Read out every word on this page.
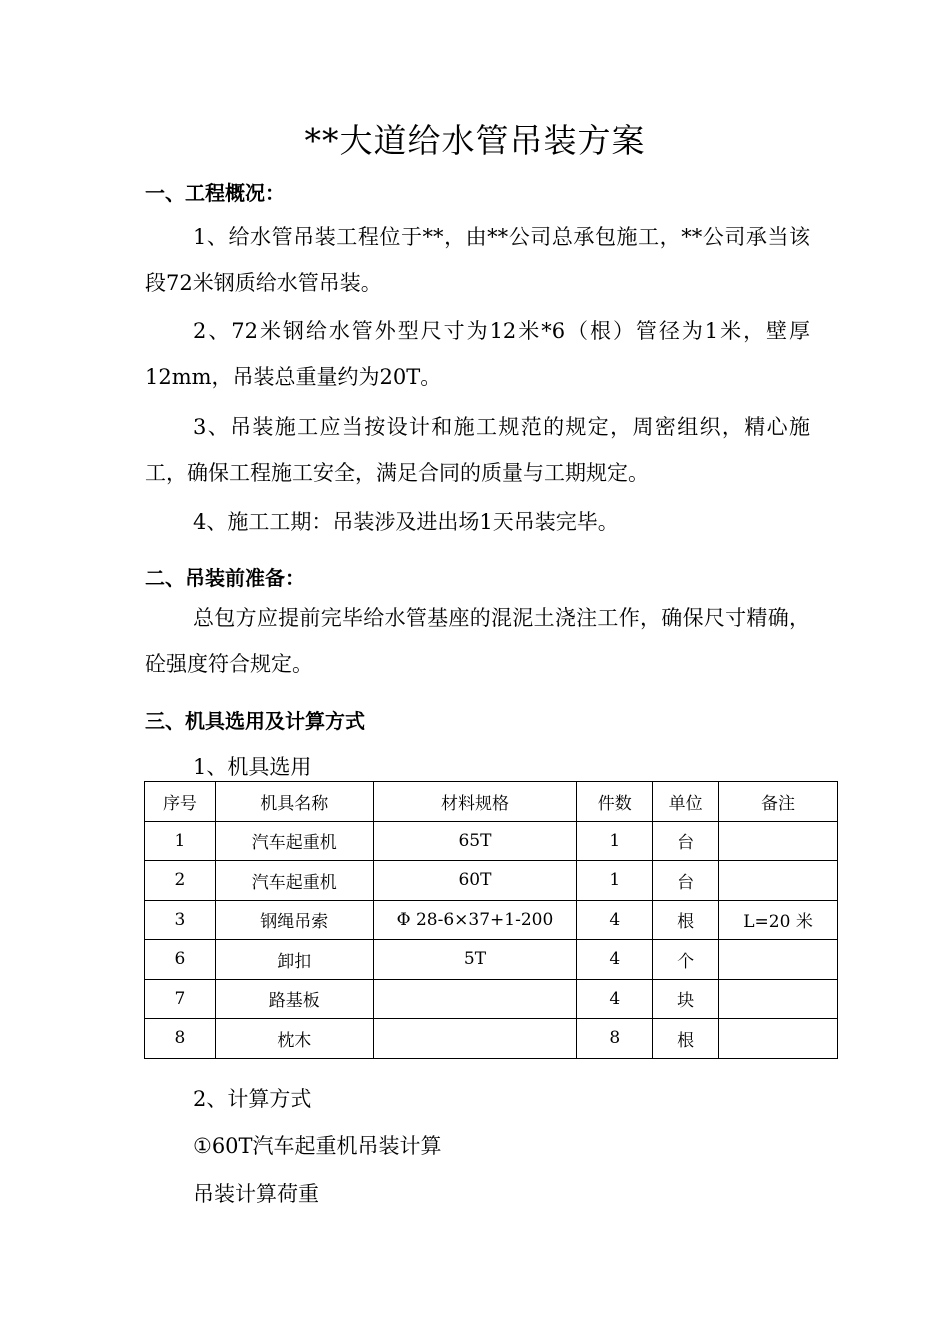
**大道给水管吊装方案
一、工程概况：
1、给水管吊装工程位于**，由**公司总承包施工，**公司承当该段72米钢质给水管吊装。
2、72米钢给水管外型尺寸为12米*6（根）管径为1米，壁厚12mm，吊装总重量约为20T。
3、吊装施工应当按设计和施工规范的规定，周密组织，精心施工，确保工程施工安全，满足合同的质量与工期规定。
4、施工工期：吊装涉及进出场1天吊装完毕。
二、吊装前准备：
总包方应提前完毕给水管基座的混泥土浇注工作，确保尺寸精确，砼强度符合规定。
三、机具选用及计算方式
1、机具选用
序号	机具名称	材料规格	件数	单位	备注
1	汽车起重机	65T	1	台	
2	汽车起重机	60T	1	台	
3	钢绳吊索	Φ 28-6×37+1-200	4	根	L=20 米
6	卸扣	5T	4	个	
7	路基板		4	块	
8	枕木		8	根	
2、计算方式
①60T汽车起重机吊装计算
吊装计算荷重
